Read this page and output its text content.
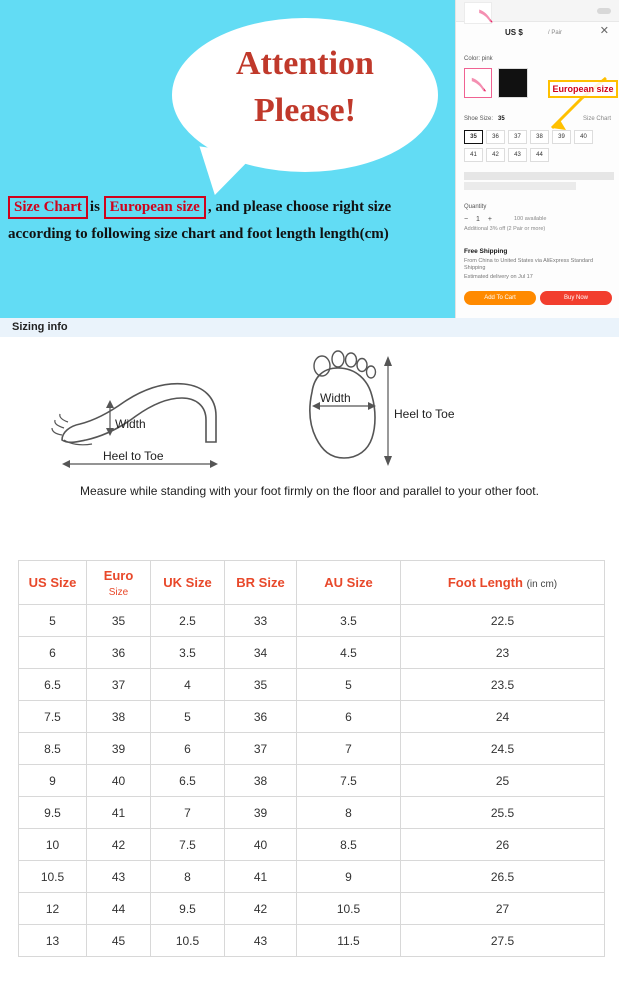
Attention
Please!
Size Chart is European size , and please choose right size
according to following size chart and foot length length(cm)
US $	/ Pair	✕
Color: pink
Shoe Size: 35	Size Chart
35	36	37	38	39	4041	42	43	44
Quantity
− 1 +	100 available
Additional 3% off (2 Pair or more)
Free Shipping
From China to United States via AliExpress Standard Shipping
Estimated delivery on Jul 17
Add To Cart	Buy Now
European size
Sizing info
Width
Heel to Toe
Width
Heel to Toe
Measure while standing with your foot firmly on the floor and parallel to your other foot.
US Size	Euro
Size	UK Size	BR Size	AU Size	Foot Length (in cm)
5	35	2.5	33	3.5	22.5
6	36	3.5	34	4.5	23
6.5	37	4	35	5	23.5
7.5	38	5	36	6	24
8.5	39	6	37	7	24.5
9	40	6.5	38	7.5	25
9.5	41	7	39	8	25.5
10	42	7.5	40	8.5	26
10.5	43	8	41	9	26.5
12	44	9.5	42	10.5	27
13	45	10.5	43	11.5	27.5
